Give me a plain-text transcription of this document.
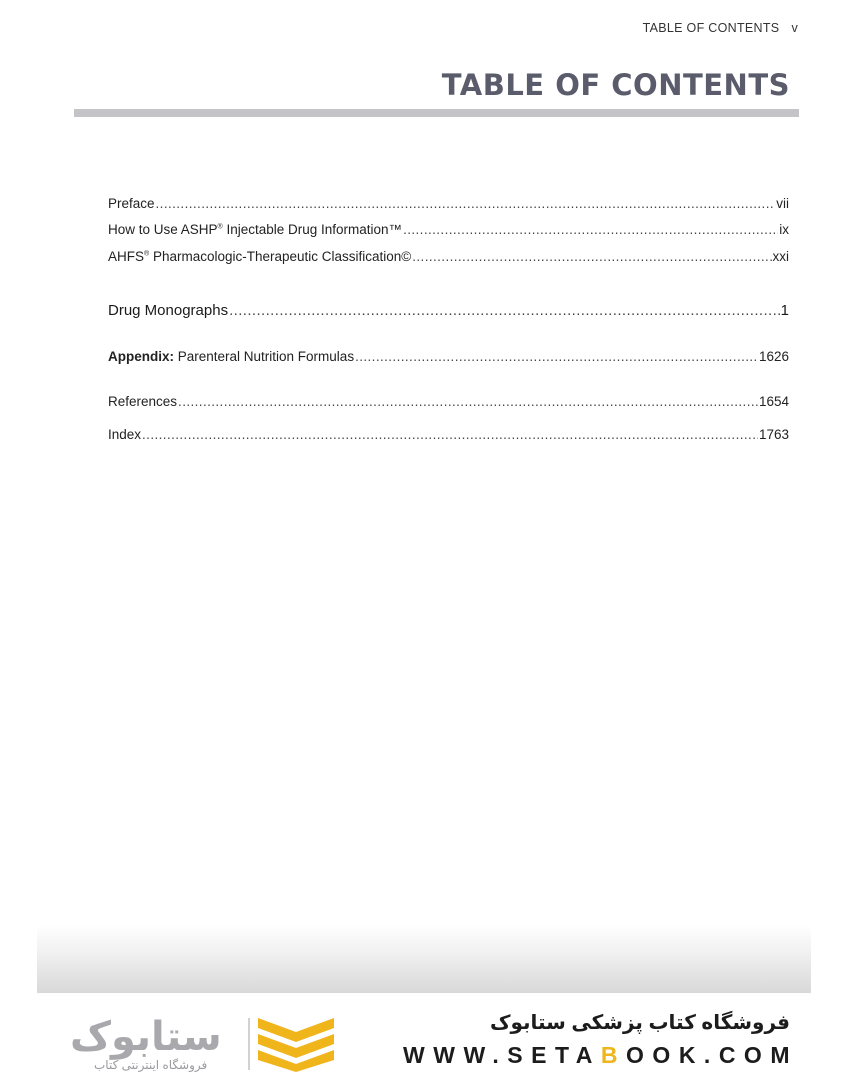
TABLE OF CONTENTS v
TABLE OF CONTENTS
Preface .....	vii
How to Use ASHP® Injectable Drug Information™ .....	ix
AHFS® Pharmacologic-Therapeutic Classification© .....	xxi
Drug Monographs .....	1
Appendix: Parenteral Nutrition Formulas .....	1626
References .....	1654
Index .....	1763
ستابوک
فروشگاه اینترنتی کتاب
فروشگاه کتاب پزشکی ستابوک
WWW.SETABOOK.COM
